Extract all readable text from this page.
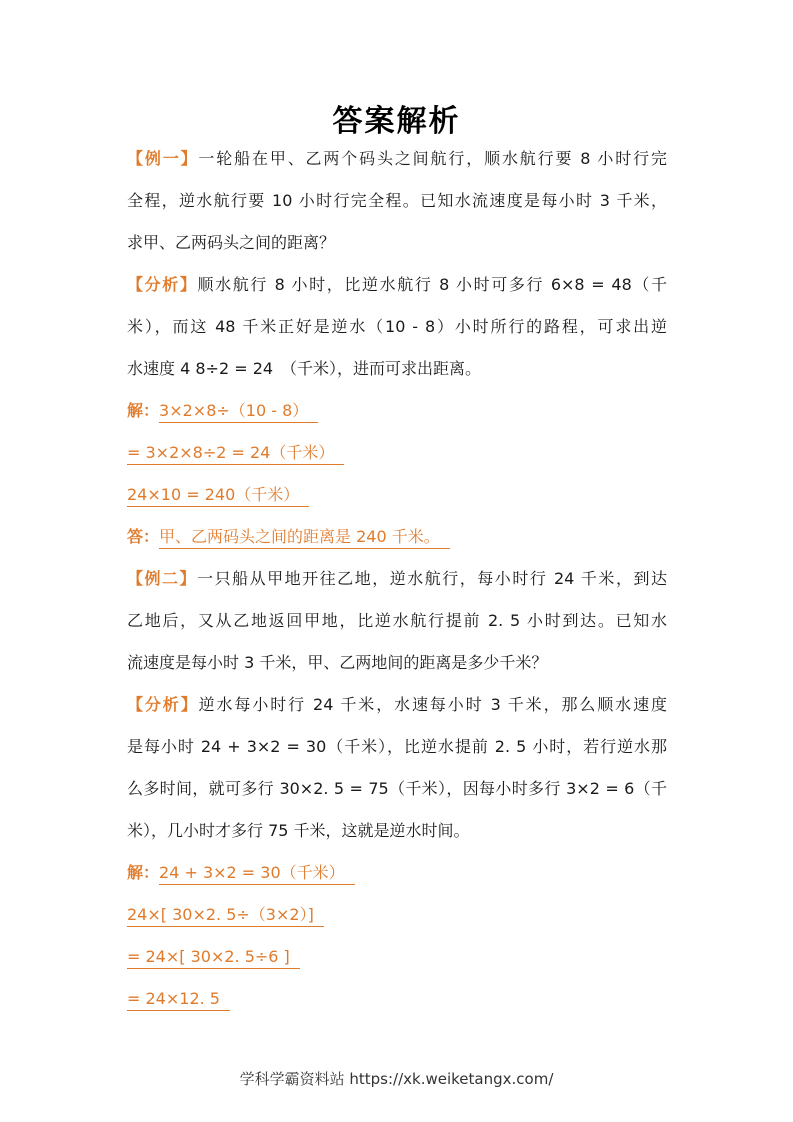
答案解析
【例一】一轮船在甲、乙两个码头之间航行，顺水航行要 8 小时行完
全程，逆水航行要 10 小时行完全程。已知水流速度是每小时 3 千米，
求甲、乙两码头之间的距离？
【分析】顺水航行 8 小时，比逆水航行 8 小时可多行 6×8 = 48（千
米），而这 48 千米正好是逆水（10 - 8）小时所行的路程，可求出逆
水速度 4 8÷2 = 24　（千米），进而可求出距离。
解：3×2×8÷（10 - 8）
= 3×2×8÷2 = 24（千米）
24×10 = 240（千米）
答：甲、乙两码头之间的距离是 240 千米。
【例二】一只船从甲地开往乙地，逆水航行，每小时行 24 千米，到达
乙地后，又从乙地返回甲地，比逆水航行提前 2. 5 小时到达。已知水
流速度是每小时 3 千米，甲、乙两地间的距离是多少千米？
【分析】逆水每小时行 24 千米，水速每小时 3 千米，那么顺水速度
是每小时 24 + 3×2 = 30（千米），比逆水提前 2. 5 小时，若行逆水那
么多时间，就可多行 30×2. 5 = 75（千米），因每小时多行 3×2 = 6（千
米），几小时才多行 75 千米，这就是逆水时间。
解：24 + 3×2 = 30（千米）
24×[ 30×2. 5÷（3×2）]
= 24×[ 30×2. 5÷6 ]
= 24×12. 5
学科学霸资料站 https://xk.weiketangx.com/
